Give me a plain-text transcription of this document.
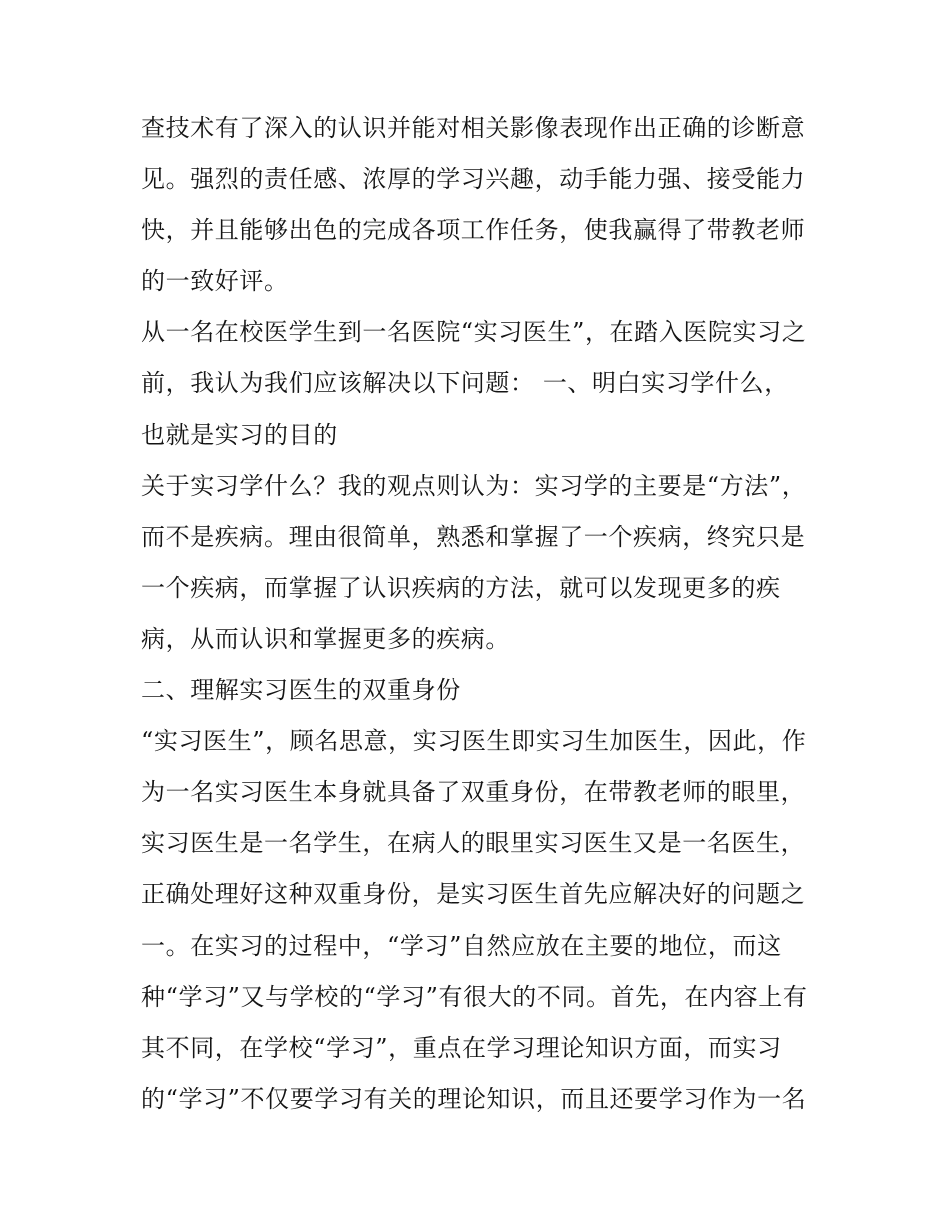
查技术有了深入的认识并能对相关影像表现作出正确的诊断意
见。强烈的责任感、浓厚的学习兴趣，动手能力强、接受能力
快，并且能够出色的完成各项工作任务，使我赢得了带教老师
的一致好评。
从一名在校医学生到一名医院“实习医生”，在踏入医院实习之
前，我认为我们应该解决以下问题： 一、明白实习学什么，
也就是实习的目的
关于实习学什么？我的观点则认为：实习学的主要是“方法”，
而不是疾病。理由很简单，熟悉和掌握了一个疾病，终究只是
一个疾病，而掌握了认识疾病的方法，就可以发现更多的疾
病，从而认识和掌握更多的疾病。
二、理解实习医生的双重身份
“实习医生”，顾名思意，实习医生即实习生加医生，因此，作
为一名实习医生本身就具备了双重身份，在带教老师的眼里，
实习医生是一名学生，在病人的眼里实习医生又是一名医生，
正确处理好这种双重身份，是实习医生首先应解决好的问题之
一。在实习的过程中，“学习”自然应放在主要的地位，而这
种“学习”又与学校的“学习”有很大的不同。首先，在内容上有
其不同，在学校“学习”，重点在学习理论知识方面，而实习
的“学习”不仅要学习有关的理论知识，而且还要学习作为一名
